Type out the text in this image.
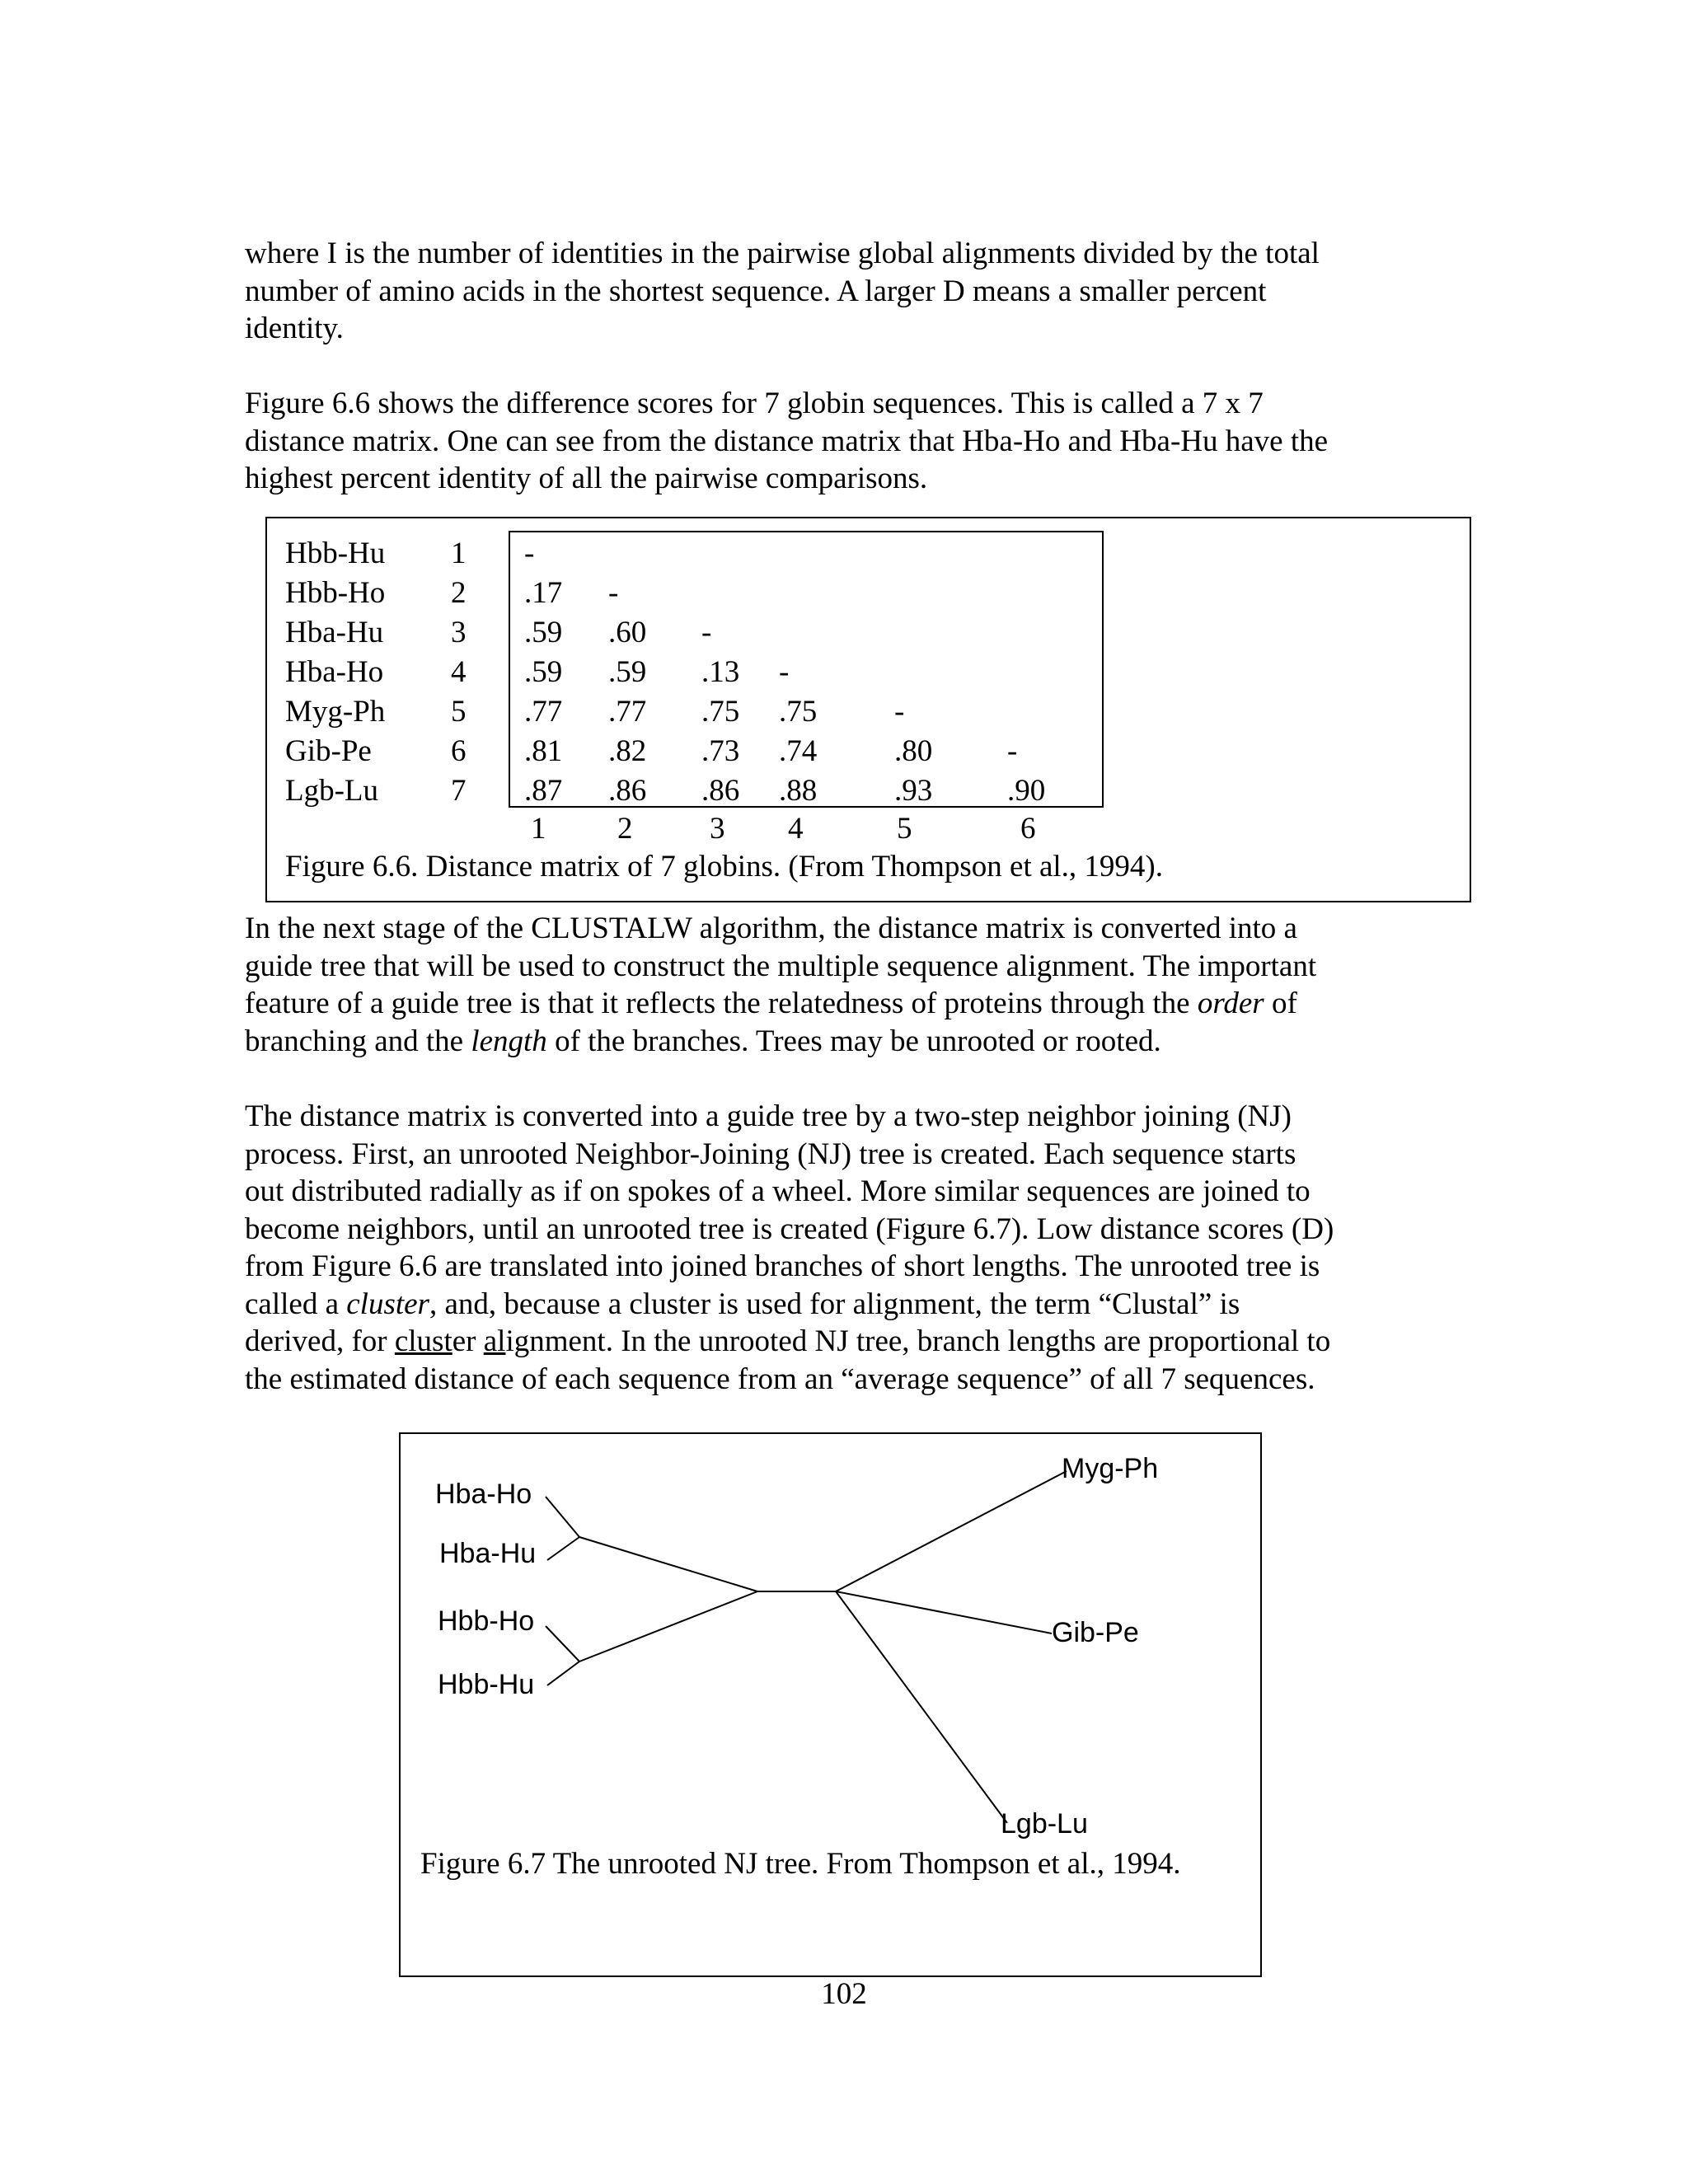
where I is the number of identities in the pairwise global alignments divided by the total
number of amino acids in the shortest sequence. A larger D means a smaller percent
identity.

Figure 6.6 shows the difference scores for 7 globin sequences. This is called a 7 x 7
distance matrix. One can see from the distance matrix that Hba-Ho and Hba-Hu have the
highest percent identity of all the pairwise comparisons.

Hbb-Hu 1 -
Hbb-Ho 2 .17 -
Hba-Hu 3 .59 .60 -
Hba-Ho 4 .59 .59 .13 -
Myg-Ph 5 .77 .77 .75 .75	-
Gib-Pe	6 .81 .82 .73 .74	.80 -
Lgb-Lu 7 .87 .86 .86 .88	.93 .90
1 2	3 4	5	6
Figure 6.6. Distance matrix of 7 globins. (From Thompson et al., 1994).

In the next stage of the CLUSTALW algorithm, the distance matrix is converted into a
guide tree that will be used to construct the multiple sequence alignment. The important
feature of a guide tree is that it reflects the relatedness of proteins through the order of
branching and the length of the branches. Trees may be unrooted or rooted.

The distance matrix is converted into a guide tree by a two-step neighbor joining (NJ)
process. First, an unrooted Neighbor-Joining (NJ) tree is created. Each sequence starts
out distributed radially as if on spokes of a wheel. More similar sequences are joined to
become neighbors, until an unrooted tree is created (Figure 6.7). Low distance scores (D)
from Figure 6.6 are translated into joined branches of short lengths. The unrooted tree is
called a cluster, and, because a cluster is used for alignment, the term “Clustal” is
derived, for cluster alignment. In the unrooted NJ tree, branch lengths are proportional to
the estimated distance of each sequence from an “average sequence” of all 7 sequences.

Hba-Ho
Hba-Hu
Hbb-Ho
Hbb-Hu
Myg-Ph
Gib-Pe
Lgb-Lu
Figure 6.7 The unrooted NJ tree. From Thompson et al., 1994.
102
